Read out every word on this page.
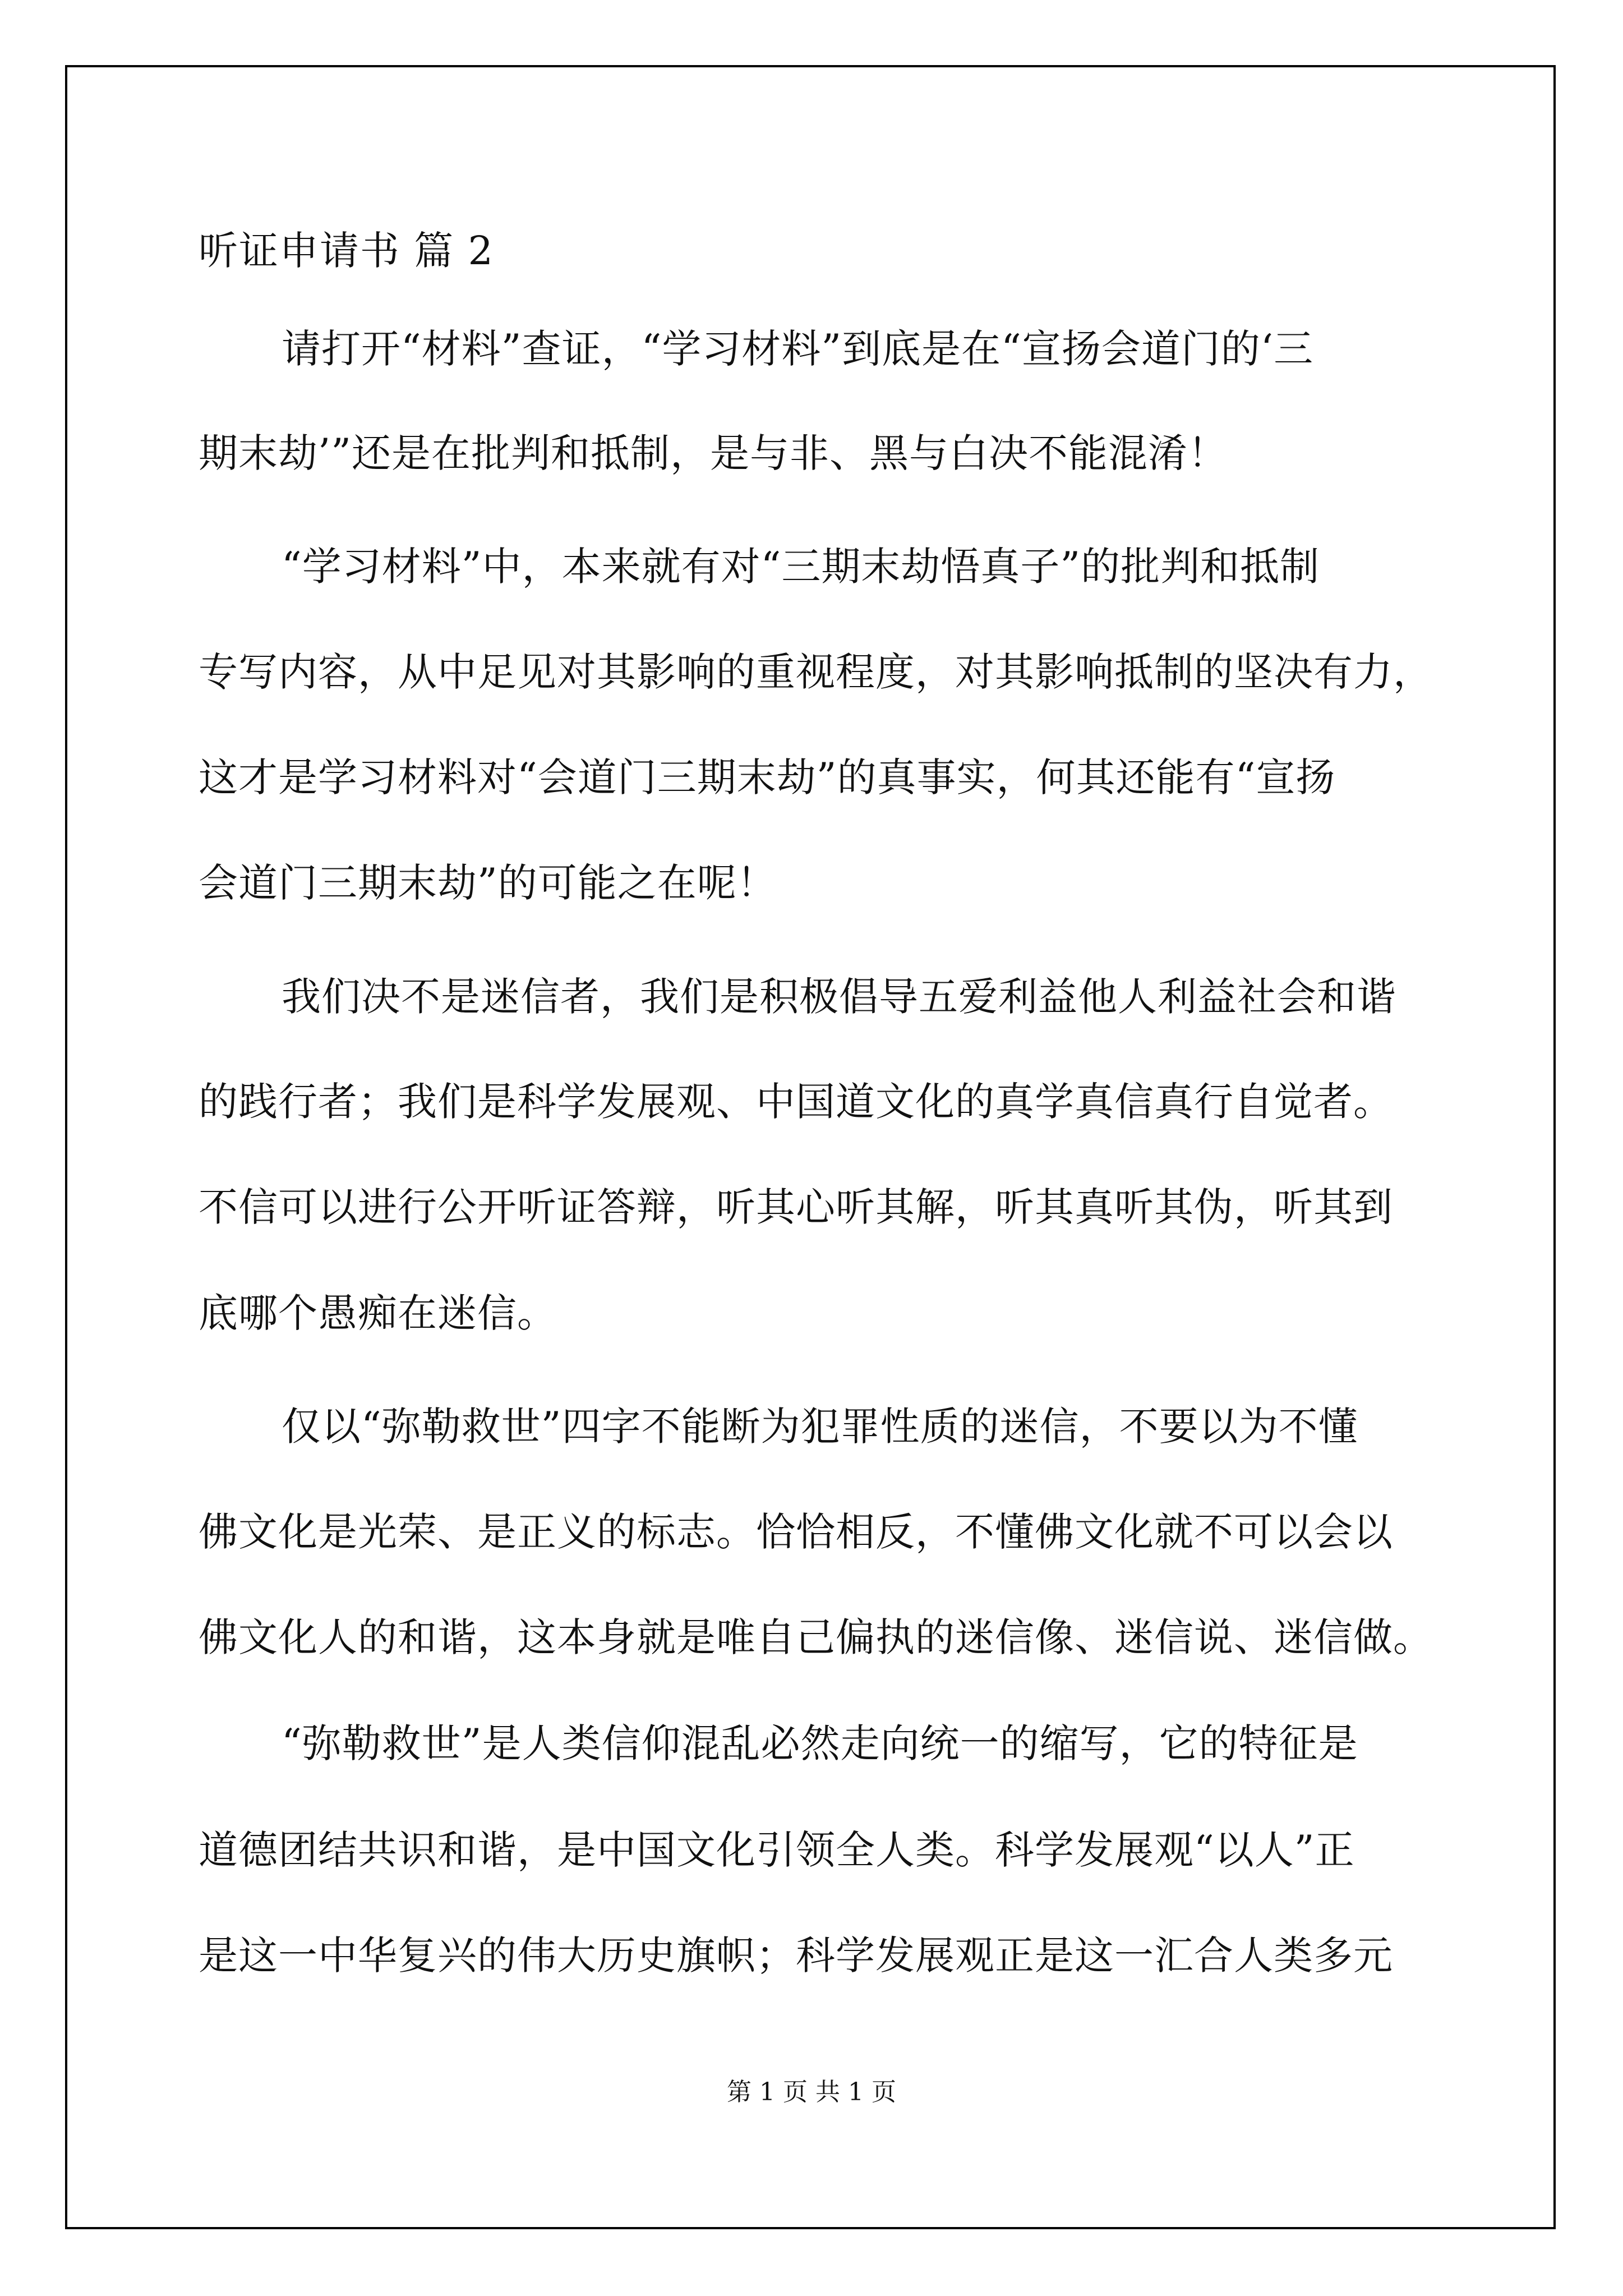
听证申请书 篇 2
请打开“材料”查证，“学习材料”到底是在“宣扬会道门的‘三
期末劫’”还是在批判和抵制，是与非、黑与白决不能混淆！
“学习材料”中，本来就有对“三期末劫悟真子”的批判和抵制
专写内容，从中足见对其影响的重视程度，对其影响抵制的坚决有力，
这才是学习材料对“会道门三期末劫”的真事实，何其还能有“宣扬
会道门三期末劫”的可能之在呢！
我们决不是迷信者，我们是积极倡导五爱利益他人利益社会和谐
的践行者；我们是科学发展观、中国道文化的真学真信真行自觉者。
不信可以进行公开听证答辩，听其心听其解，听其真听其伪，听其到
底哪个愚痴在迷信。
仅以“弥勒救世”四字不能断为犯罪性质的迷信，不要以为不懂
佛文化是光荣、是正义的标志。恰恰相反，不懂佛文化就不可以会以
佛文化人的和谐，这本身就是唯自己偏执的迷信像、迷信说、迷信做。
“弥勒救世”是人类信仰混乱必然走向统一的缩写，它的特征是
道德团结共识和谐，是中国文化引领全人类。科学发展观“以人”正
是这一中华复兴的伟大历史旗帜；科学发展观正是这一汇合人类多元
第 1 页 共 1 页
